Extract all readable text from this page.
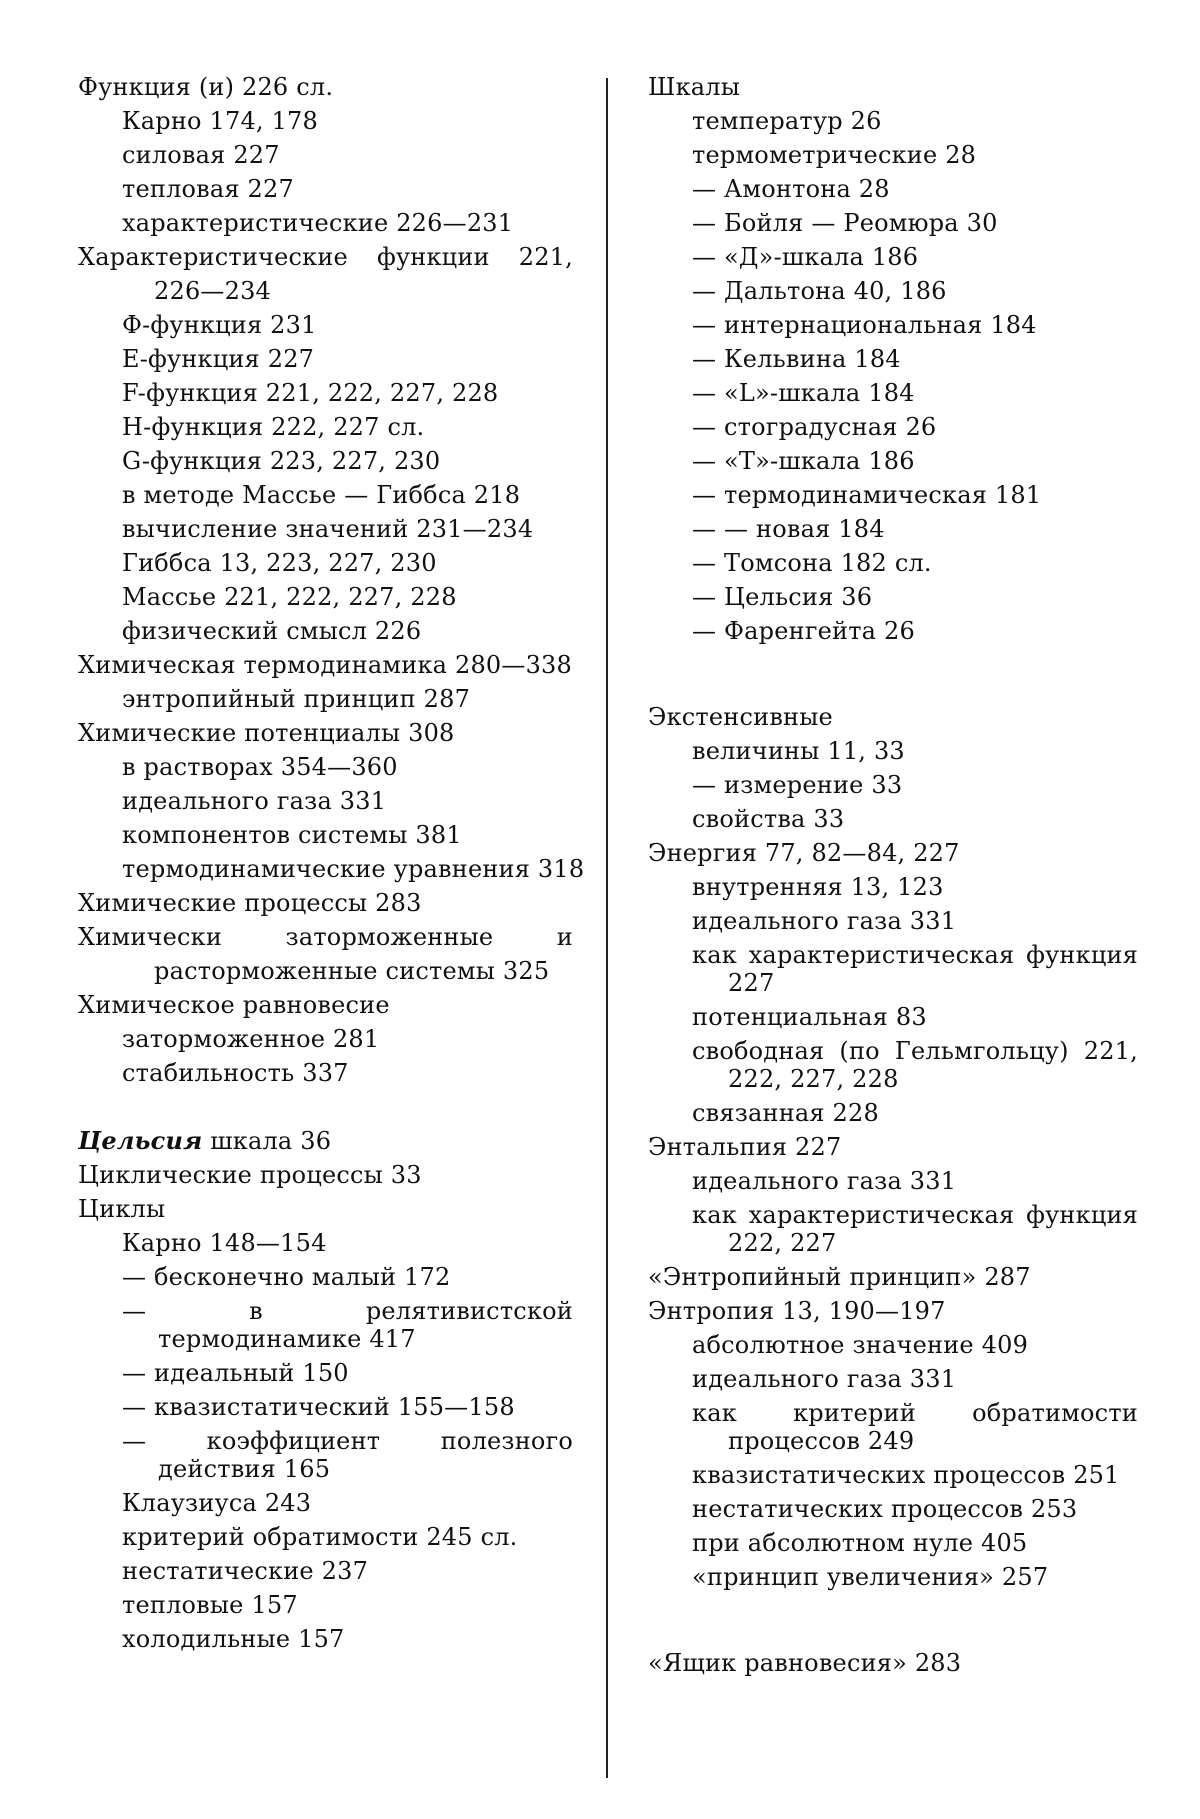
Функция (и) 226 сл.
Карно 174, 178
силовая 227
тепловая 227
характеристические 226—231
Характеристические функции 221, 226—234
Ф-функция 231
Е-функция 227
F-функция 221, 222, 227, 228
H-функция 222, 227 сл.
G-функция 223, 227, 230
в методе Массье — Гиббса 218
вычисление значений 231—234
Гиббса 13, 223, 227, 230
Массье 221, 222, 227, 228
физический смысл 226
Химическая термодинамика 280—338
энтропийный принцип 287
Химические потенциалы 308
в растворах 354—360
идеального газа 331
компонентов системы 381
термодинамические уравнения 318
Химические процессы 283
Химически заторможенные и расторможенные системы 325
Химическое равновесие
заторможенное 281
стабильность 337
Цельсия шкала 36
Циклические процессы 33
Циклы
Карно 148—154
— бесконечно малый 172
— в релятивистской термодинамике 417
— идеальный 150
— квазистатический 155—158
— коэффициент полезного действия 165
Клаузиуса 243
критерий обратимости 245 сл.
нестатические 237
тепловые 157
холодильные 157
Шкалы
температур 26
термометрические 28
— Амонтона 28
— Бойля — Реомюра 30
— «Д»-шкала 186
— Дальтона 40, 186
— интернациональная 184
— Кельвина 184
— «L»-шкала 184
— стоградусная 26
— «Т»-шкала 186
— термодинамическая 181
— — новая 184
— Томсона 182 сл.
— Цельсия 36
— Фаренгейта 26
Экстенсивные
величины 11, 33
— измерение 33
свойства 33
Энергия 77, 82—84, 227
внутренняя 13, 123
идеального газа 331
как характеристическая функция 227
потенциальная 83
свободная (по Гельмгольцу) 221, 222, 227, 228
связанная 228
Энтальпия 227
идеального газа 331
как характеристическая функция 222, 227
«Энтропийный принцип» 287
Энтропия 13, 190—197
абсолютное значение 409
идеального газа 331
как критерий обратимости процессов 249
квазистатических процессов 251
нестатических процессов 253
при абсолютном нуле 405
«принцип увеличения» 257
«Ящик равновесия» 283
